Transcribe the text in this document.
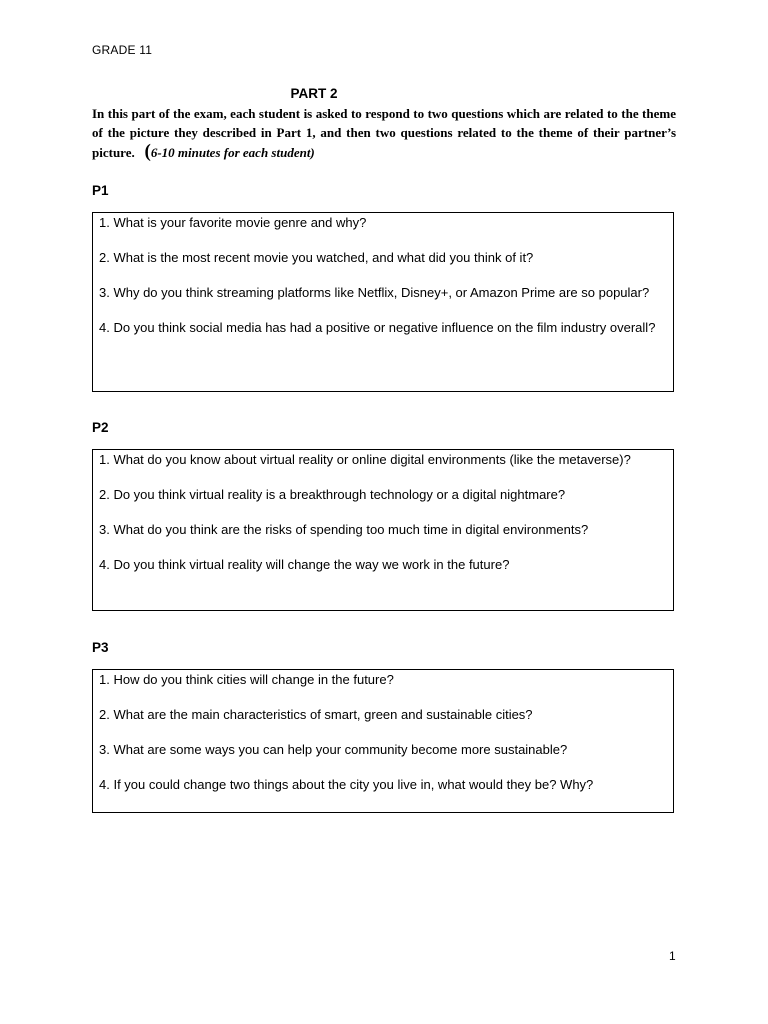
GRADE 11
PART 2
In this part of the exam, each student is asked to respond to two questions which are related to the theme of the picture they described in Part 1, and then two questions related to the theme of their partner’s picture. (6-10 minutes for each student)
P1
1. What is your favorite movie genre and why?
2. What is the most recent movie you watched, and what did you think of it?
3. Why do you think streaming platforms like Netflix, Disney+, or Amazon Prime are so popular?
4. Do you think social media has had a positive or negative influence on the film industry overall?
P2
1. What do you know about virtual reality or online digital environments (like the metaverse)?
2. Do you think virtual reality is a breakthrough technology or a digital nightmare?
3. What do you think are the risks of spending too much time in digital environments?
4. Do you think virtual reality will change the way we work in the future?
P3
1. How do you think cities will change in the future?
2. What are the main characteristics of smart, green and sustainable cities?
3. What are some ways you can help your community become more sustainable?
4. If you could change two things about the city you live in, what would they be? Why?
1
